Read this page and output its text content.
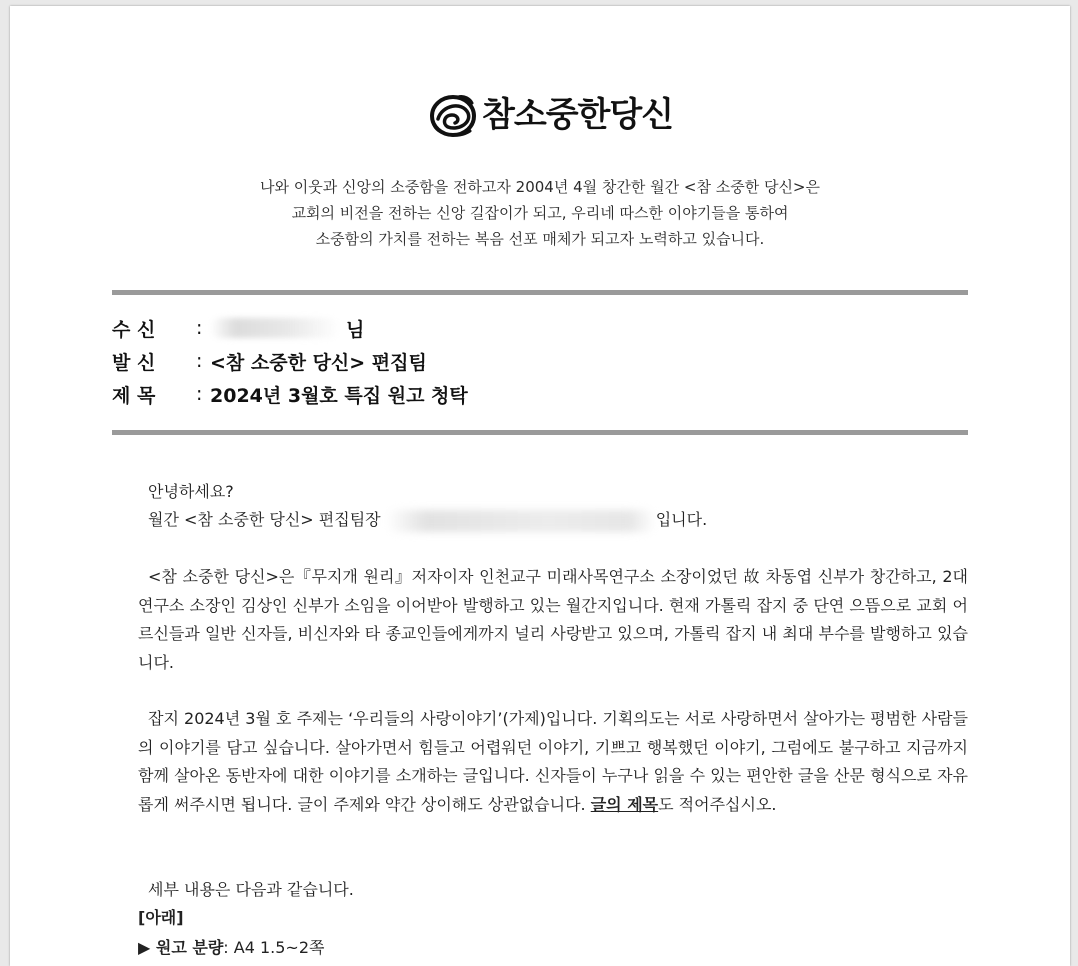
참소중한당신
나와 이웃과 신앙의 소중함을 전하고자 2004년 4월 창간한 월간 <참 소중한 당신>은
교회의 비전을 전하는 신앙 길잡이가 되고, 우리네 따스한 이야기들을 통하여
소중함의 가치를 전하는 복음 선포 매체가 되고자 노력하고 있습니다.
수 신	:	님
발 신	: <참 소중한 당신> 편집팀
제 목	: 2024년 3월호 특집 원고 청탁
안녕하세요?
월간 <참 소중한 당신> 편집팀장	입니다.
<참 소중한 당신>은『무지개 원리』저자이자 인천교구 미래사목연구소 소장이었던 故 차동엽 신부가 창간하고, 2대 연구소 소장인 김상인 신부가 소임을 이어받아 발행하고 있는 월간지입니다. 현재 가톨릭 잡지 중 단연 으뜸으로 교회 어르신들과 일반 신자들, 비신자와 타 종교인들에게까지 널리 사랑받고 있으며, 가톨릭 잡지 내 최대 부수를 발행하고 있습니다.
잡지 2024년 3월 호 주제는 ‘우리들의 사랑이야기’(가제)입니다. 기획의도는 서로 사랑하면서 살아가는 평범한 사람들의 이야기를 담고 싶습니다. 살아가면서 힘들고 어렵워던 이야기, 기쁘고 행복했던 이야기, 그럼에도 불구하고 지금까지 함께 살아온 동반자에 대한 이야기를 소개하는 글입니다. 신자들이 누구나 읽을 수 있는 편안한 글을 산문 형식으로 자유롭게 써주시면 됩니다. 글이 주제와 약간 상이해도 상관없습니다. 글의 제목도 적어주십시오.
세부 내용은 다음과 같습니다.
[아래]
▶ 원고 분량: A4 1.5~2쪽
